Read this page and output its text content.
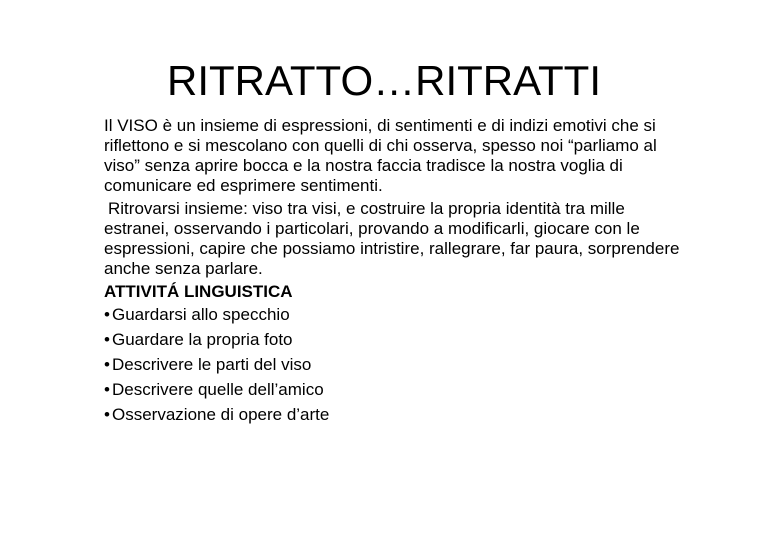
RITRATTO…RITRATTI

Il VISO è un insieme di espressioni, di sentimenti e di indizi emotivi che si riflettono e si mescolano con quelli di chi osserva, spesso noi “parliamo al viso” senza aprire bocca e la nostra faccia tradisce la nostra voglia di comunicare ed esprimere sentimenti.

Ritrovarsi insieme: viso tra visi, e costruire la propria identità tra mille estranei, osservando i particolari, provando a modificarli, giocare con le espressioni, capire che possiamo intristire, rallegrare, far paura, sorprendere anche senza parlare.

ATTIVITÁ LINGUISTICA
• Guardarsi allo specchio
• Guardare la propria foto
• Descrivere le parti del viso
• Descrivere quelle dell’amico
• Osservazione di opere d’arte
